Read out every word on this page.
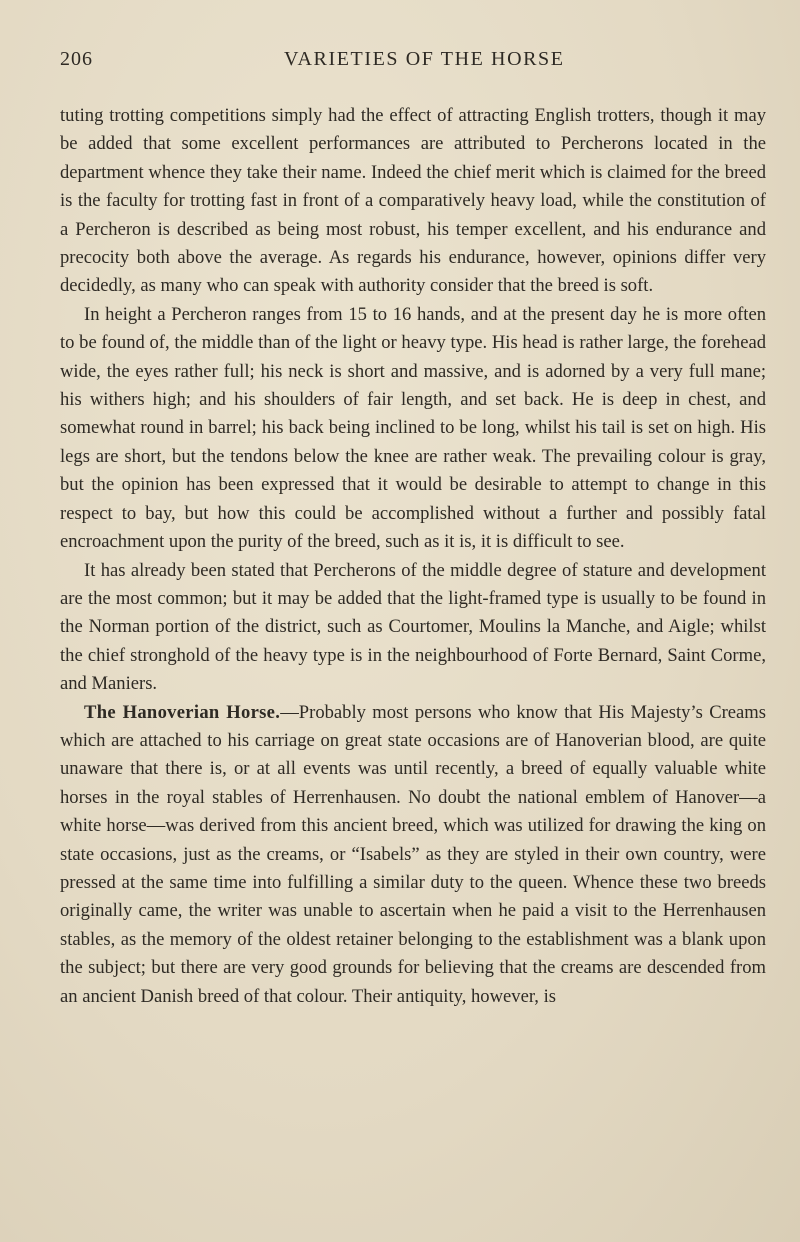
206	VARIETIES OF THE HORSE

tuting trotting competitions simply had the effect of attracting English trotters, though it may be added that some excellent performances are attributed to Percherons located in the department whence they take their name. Indeed the chief merit which is claimed for the breed is the faculty for trotting fast in front of a comparatively heavy load, while the constitution of a Percheron is described as being most robust, his temper excellent, and his endurance and precocity both above the average. As regards his endurance, however, opinions differ very decidedly, as many who can speak with authority consider that the breed is soft.

In height a Percheron ranges from 15 to 16 hands, and at the present day he is more often to be found of, the middle than of the light or heavy type. His head is rather large, the forehead wide, the eyes rather full; his neck is short and massive, and is adorned by a very full mane; his withers high; and his shoulders of fair length, and set back. He is deep in chest, and somewhat round in barrel; his back being inclined to be long, whilst his tail is set on high. His legs are short, but the tendons below the knee are rather weak. The prevailing colour is gray, but the opinion has been expressed that it would be desirable to attempt to change in this respect to bay, but how this could be accomplished without a further and possibly fatal encroachment upon the purity of the breed, such as it is, it is difficult to see.

It has already been stated that Percherons of the middle degree of stature and development are the most common; but it may be added that the light-framed type is usually to be found in the Norman portion of the district, such as Courtomer, Moulins la Manche, and Aigle; whilst the chief stronghold of the heavy type is in the neighbourhood of Forte Bernard, Saint Corme, and Maniers.

The Hanoverian Horse.—Probably most persons who know that His Majesty’s Creams which are attached to his carriage on great state occasions are of Hanoverian blood, are quite unaware that there is, or at all events was until recently, a breed of equally valuable white horses in the royal stables of Herrenhausen. No doubt the national emblem of Hanover—a white horse—was derived from this ancient breed, which was utilized for drawing the king on state occasions, just as the creams, or “Isabels” as they are styled in their own country, were pressed at the same time into fulfilling a similar duty to the queen. Whence these two breeds originally came, the writer was unable to ascertain when he paid a visit to the Herrenhausen stables, as the memory of the oldest retainer belonging to the establishment was a blank upon the subject; but there are very good grounds for believing that the creams are descended from an ancient Danish breed of that colour. Their antiquity, however, is
